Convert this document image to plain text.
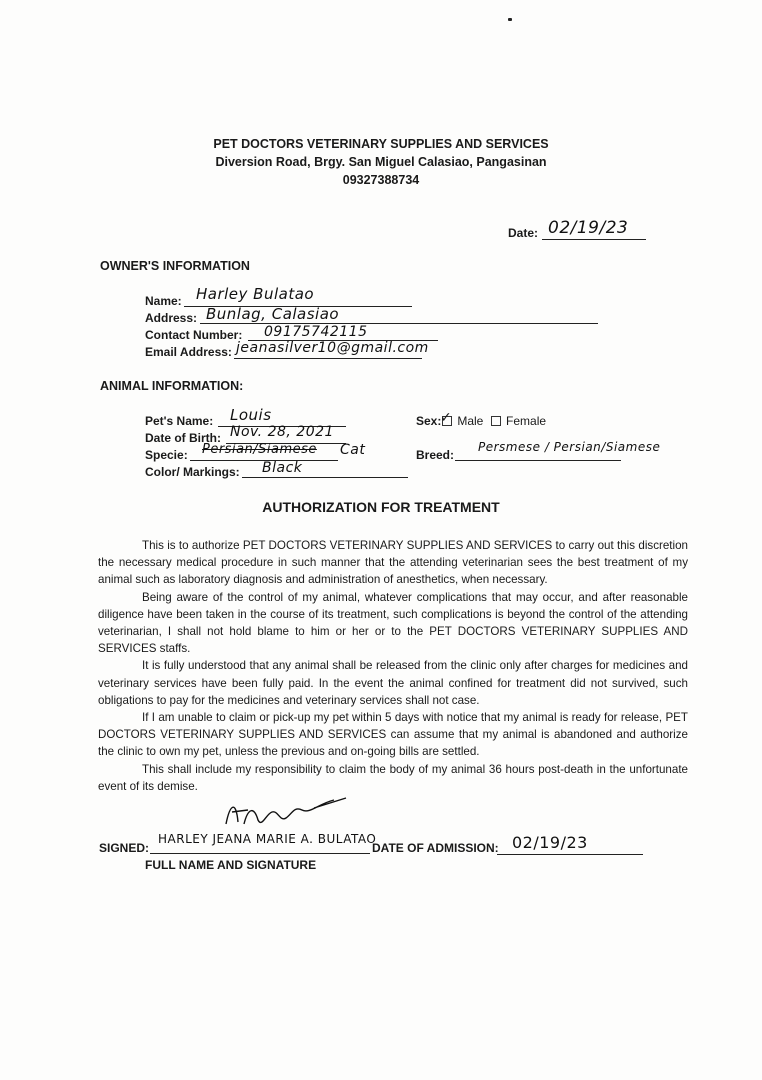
PET DOCTORS VETERINARY SUPPLIES AND SERVICES
Diversion Road, Brgy. San Miguel Calasiao, Pangasinan
09327388734
Date: 02/19/23
OWNER'S INFORMATION
Name: Harley Bulatao
Address: Bunlag, Calasiao
Contact Number: 09175742115
Email Address: jeanasilver10@gmail.com
ANIMAL INFORMATION:
Pet's Name: Louis
Date of Birth: Nov. 28, 2021
Specie: Persian/Siamese Cat
Color/ Markings: Black
Sex:

✓ Male Female
Breed:
Persmese / Persian/Siamese
AUTHORIZATION FOR TREATMENT

This is to authorize PET DOCTORS VETERINARY SUPPLIES AND SERVICES to carry out this discretion the necessary medical procedure in such manner that the attending veterinarian sees the best treatment of my animal such as laboratory diagnosis and administration of anesthetics, when necessary.

Being aware of the control of my animal, whatever complications that may occur, and after reasonable diligence have been taken in the course of its treatment, such complications is beyond the control of the attending veterinarian, I shall not hold blame to him or her or to the PET DOCTORS VETERINARY SUPPLIES AND SERVICES staffs.

It is fully understood that any animal shall be released from the clinic only after charges for medicines and veterinary services have been fully paid. In the event the animal confined for treatment did not survived, such obligations to pay for the medicines and veterinary services shall not case.

If I am unable to claim or pick-up my pet within 5 days with notice that my animal is ready for release, PET DOCTORS VETERINARY SUPPLIES AND SERVICES can assume that my animal is abandoned and authorize the clinic to own my pet, unless the previous and on-going bills are settled.

This shall include my responsibility to claim the body of my animal 36 hours post-death in the unfortunate event of its demise.

SIGNED:
HARLEY JEANA MARIE A. BULATAO
FULL NAME AND SIGNATURE
DATE OF ADMISSION: 02/19/23
